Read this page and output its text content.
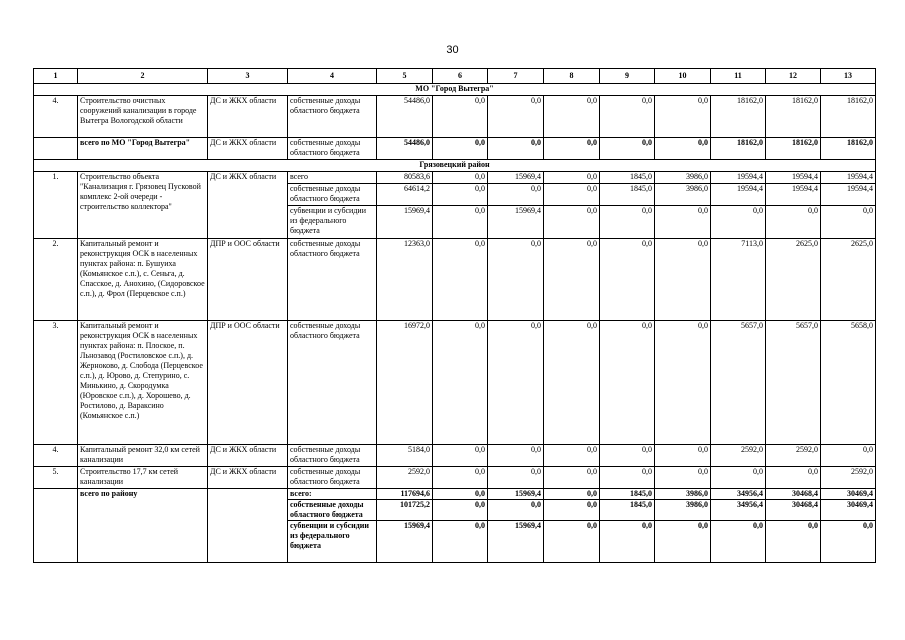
30
1	2	3	4	5	6	7	8	9	10	11	12	13
МО "Город Вытегра"												
4.	Строительство очистных сооружений канализации в городе Вытегра Вологодской области	ДС и ЖКХ области	собственные доходы областного бюджета	54486,0	0,0	0,0	0,0	0,0	0,0	18162,0	18162,0	18162,0
	всего по МО "Город Вытегра"	ДС и ЖКХ области	собственные доходы областного бюджета	54486,0	0,0	0,0	0,0	0,0	0,0	18162,0	18162,0	18162,0
Грязовецкий район												
1.	Строительство объекта "Канализация г. Грязовец Пусковой комплекс 2-ой очереди - строительство коллектора"	ДС и ЖКХ области	всего	80583,6	0,0	15969,4	0,0	1845,0	3986,0	19594,4	19594,4	19594,4
			собственные доходы областного бюджета	64614,2	0,0	0,0	0,0	1845,0	3986,0	19594,4	19594,4	19594,4
			субвенции и субсидии из федерального бюджета	15969,4	0,0	15969,4	0,0	0,0	0,0	0,0	0,0	0,0
2.	Капитальный ремонт и реконструкция ОСК в населенных пунктах района: п. Бушуиха (Комьянское с.п.), с. Сеньга, д. Спасское, д. Анохино, (Сидоровское с.п.), д. Фрол (Перцевское с.п.)	ДПР и ООС области	собственные доходы областного бюджета	12363,0	0,0	0,0	0,0	0,0	0,0	7113,0	2625,0	2625,0
3.	Капитальный ремонт и реконструкция ОСК в населенных пунктах района: п. Плоское, п. Льнозавод (Ростиловское с.п.), д. Жерноково, д. Слобода (Перцевское с.п.), д. Юрово, д. Степурино, с. Минькино, д. Скородумка (Юровское с.п.), д. Хорошево, д. Ростилово, д. Вараксино (Комьянское с.п.)	ДПР и ООС области	собственные доходы областного бюджета	16972,0	0,0	0,0	0,0	0,0	0,0	5657,0	5657,0	5658,0
4.	Капитальный ремонт 32,0 км сетей канализации	ДС и ЖКХ области	собственные доходы областного бюджета	5184,0	0,0	0,0	0,0	0,0	0,0	2592,0	2592,0	0,0
5.	Строительство 17,7 км сетей канализации	ДС и ЖКХ области	собственные доходы областного бюджета	2592,0	0,0	0,0	0,0	0,0	0,0	0,0	0,0	2592,0
	всего по району		всего:	117694,6	0,0	15969,4	0,0	1845,0	3986,0	34956,4	30468,4	30469,4
			собственные доходы областного бюджета	101725,2	0,0	0,0	0,0	1845,0	3986,0	34956,4	30468,4	30469,4
			субвенции и субсидии из федерального бюджета	15969,4	0,0	15969,4	0,0	0,0	0,0	0,0	0,0	0,0
